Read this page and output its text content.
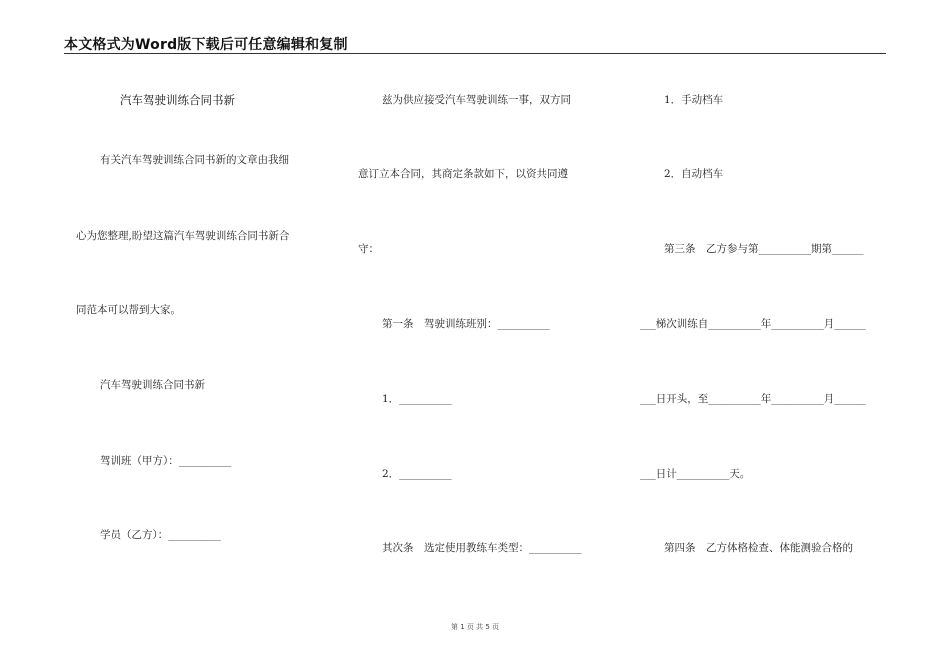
本文格式为Word版下载后可任意编辑和复制
汽车驾驶训练合同书新
有关汽车驾驶训练合同书新的文章由我细
心为您整理,盼望这篇汽车驾驶训练合同书新合
同范本可以帮到大家。
汽车驾驶训练合同书新
驾训班（甲方）：__________
学员（乙方）：__________
兹为供应接受汽车驾驶训练一事，双方同
意订立本合同，其商定条款如下，以资共同遵
守：
第一条　驾驶训练班别：__________
1．__________
2．__________
其次条　选定使用教练车类型：__________
1．手动档车
2．自动档车
第三条　乙方参与第__________期第______
___梯次训练自__________年__________月______
___日开头，至__________年__________月______
___日计__________天。
第四条　乙方体格检查、体能测验合格的
第 1 页 共 5 页
